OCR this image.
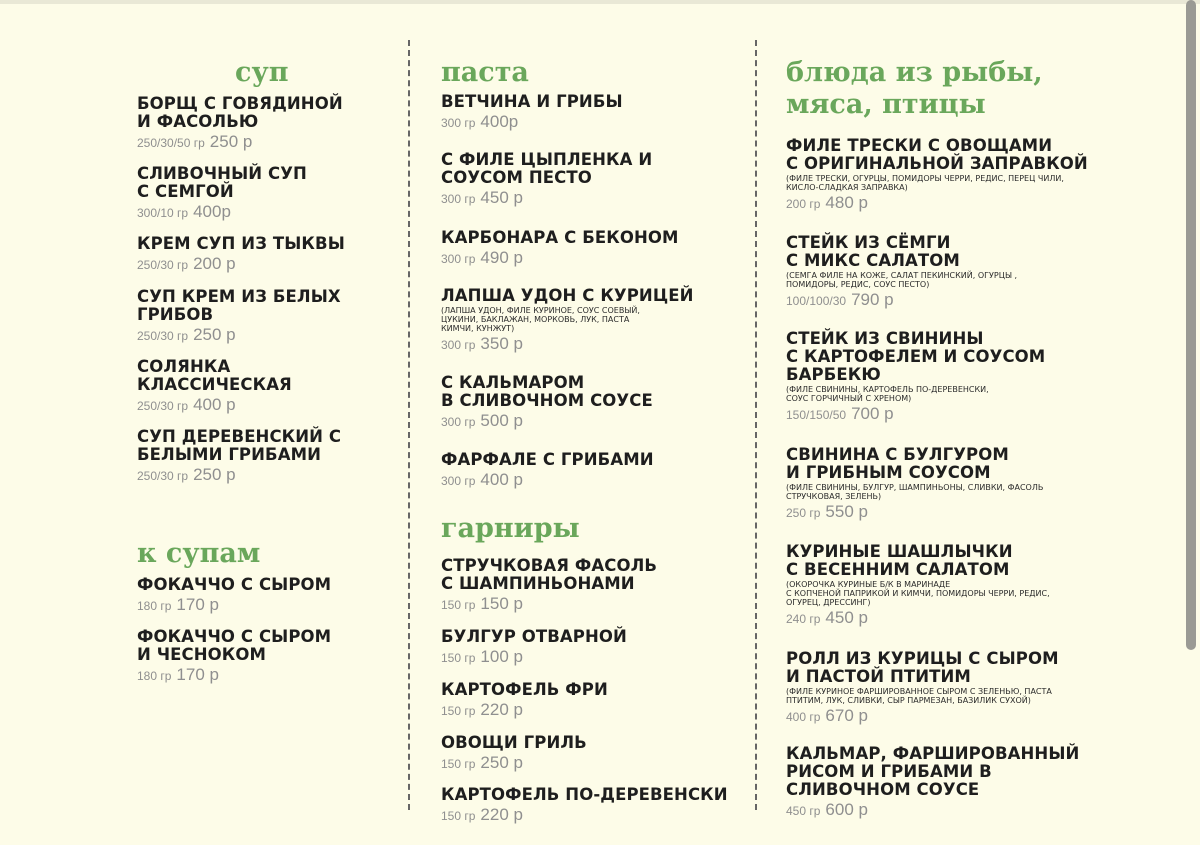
суп
к супам
БОРЩ С ГОВЯДИНОЙ
И ФАСОЛЬЮ
250/30/50 гр 250 р
СЛИВОЧНЫЙ СУП
С СЕМГОЙ
300/10 гр 400р
КРЕМ СУП ИЗ ТЫКВЫ
250/30 гр 200 р
СУП КРЕМ ИЗ БЕЛЫХ
ГРИБОВ
250/30 гр 250 р
СОЛЯНКА
КЛАССИЧЕСКАЯ
250/30 гр 400 р
СУП ДЕРЕВЕНСКИЙ С
БЕЛЫМИ ГРИБАМИ
250/30 гр 250 р
ФОКАЧЧО С СЫРОМ
180 гр 170 р
ФОКАЧЧО С СЫРОМ
И ЧЕСНОКОМ
180 гр 170 р
паста
гарниры
ВЕТЧИНА И ГРИБЫ
300 гр 400р
С ФИЛЕ ЦЫПЛЕНКА И
СОУСОМ ПЕСТО
300 гр 450 р
КАРБОНАРА С БЕКОНОМ
300 гр 490 р
ЛАПША УДОН С КУРИЦЕЙ
(ЛАПША УДОН, ФИЛЕ КУРИНОЕ, СОУС СОЕВЫЙ,
ЦУКИНИ, БАКЛАЖАН, МОРКОВЬ, ЛУК, ПАСТА
КИМЧИ, КУНЖУТ)
300 гр 350 р
С КАЛЬМАРОМ
В СЛИВОЧНОМ СОУСЕ
300 гр 500 р
ФАРФАЛЕ С ГРИБАМИ
300 гр 400 р
СТРУЧКОВАЯ ФАСОЛЬ
С ШАМПИНЬОНАМИ
150 гр 150 р
БУЛГУР ОТВАРНОЙ
150 гр 100 р
КАРТОФЕЛЬ ФРИ
150 гр 220 р
ОВОЩИ ГРИЛЬ
150 гр 250 р
КАРТОФЕЛЬ ПО-ДЕРЕВЕНСКИ
150 гр 220 р
блюда из рыбы,
мяса, птицы
ФИЛЕ ТРЕСКИ С ОВОЩАМИ
С ОРИГИНАЛЬНОЙ ЗАПРАВКОЙ
(ФИЛЕ ТРЕСКИ, ОГУРЦЫ, ПОМИДОРЫ ЧЕРРИ, РЕДИС, ПЕРЕЦ ЧИЛИ,
КИСЛО-СЛАДКАЯ ЗАПРАВКА)
200 гр 480 р
СТЕЙК ИЗ СЁМГИ
С МИКС САЛАТОМ
(СЕМГА ФИЛЕ НА КОЖЕ, САЛАТ ПЕКИНСКИЙ, ОГУРЦЫ ,
ПОМИДОРЫ, РЕДИС, СОУС ПЕСТО)
100/100/30 790 р
СТЕЙК ИЗ СВИНИНЫ
С КАРТОФЕЛЕМ И СОУСОМ
БАРБЕКЮ
(ФИЛЕ СВИНИНЫ, КАРТОФЕЛЬ ПО-ДЕРЕВЕНСКИ,
СОУС ГОРЧИЧНЫЙ С ХРЕНОМ)
150/150/50 700 р
СВИНИНА С БУЛГУРОМ
И ГРИБНЫМ СОУСОМ
(ФИЛЕ СВИНИНЫ, БУЛГУР, ШАМПИНЬОНЫ, СЛИВКИ, ФАСОЛЬ
СТРУЧКОВАЯ, ЗЕЛЕНЬ)
250 гр 550 р
КУРИНЫЕ ШАШЛЫЧКИ
С ВЕСЕННИМ САЛАТОМ
(ОКОРОЧКА КУРИНЫЕ Б/К В МАРИНАДЕ
С КОПЧЕНОЙ ПАПРИКОЙ И КИМЧИ, ПОМИДОРЫ ЧЕРРИ, РЕДИС,
ОГУРЕЦ, ДРЕССИНГ)
240 гр 450 р
РОЛЛ ИЗ КУРИЦЫ С СЫРОМ
И ПАСТОЙ ПТИТИМ
(ФИЛЕ КУРИНОЕ ФАРШИРОВАННОЕ СЫРОМ С ЗЕЛЕНЬЮ, ПАСТА
ПТИТИМ, ЛУК, СЛИВКИ, СЫР ПАРМЕЗАН, БАЗИЛИК СУХОЙ)
400 гр 670 р
КАЛЬМАР, ФАРШИРОВАННЫЙ
РИСОМ И ГРИБАМИ В
СЛИВОЧНОМ СОУСЕ
450 гр 600 р
